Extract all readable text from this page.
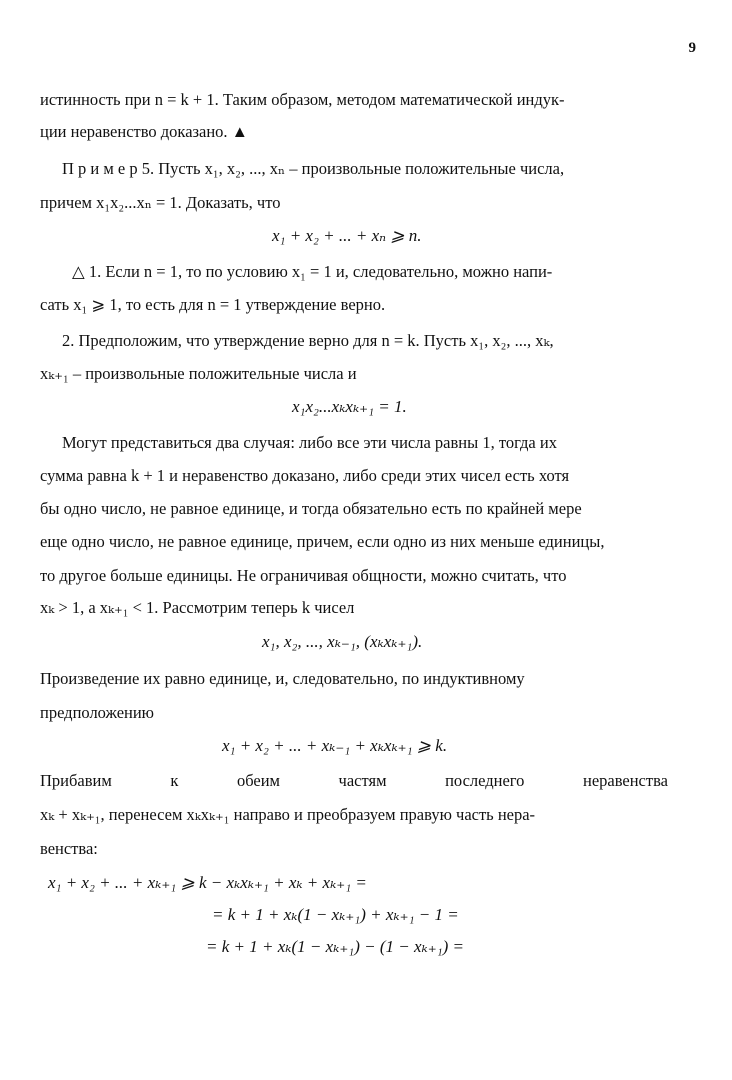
9
истинность при n = k + 1. Таким образом, методом математической индук-
ции неравенство доказано. ▲
П р и м е р 5. Пусть x₁, x₂, ..., xₙ – произвольные положительные числа,
причем x₁x₂...xₙ = 1. Доказать, что
x₁ + x₂ + ... + xₙ ⩾ n.
△ 1. Если n = 1, то по условию x₁ = 1 и, следовательно, можно напи-
сать x₁ ⩾ 1, то есть для n = 1 утверждение верно.
2. Предположим, что утверждение верно для n = k. Пусть x₁, x₂, ..., xₖ,
xₖ₊₁ – произвольные положительные числа и
x₁x₂...xₖxₖ₊₁ = 1.
Могут представиться два случая: либо все эти числа равны 1, тогда их
сумма равна k + 1 и неравенство доказано, либо среди этих чисел есть хотя
бы одно число, не равное единице, и тогда обязательно есть по крайней мере
еще одно число, не равное единице, причем, если одно из них меньше единицы,
то другое больше единицы. Не ограничивая общности, можно считать, что
xₖ > 1, а xₖ₊₁ < 1. Рассмотрим теперь k чисел
x₁, x₂, ..., xₖ₋₁, (xₖxₖ₊₁).
Произведение их равно единице, и, следовательно, по индуктивному
предположению
x₁ + x₂ + ... + xₖ₋₁ + xₖxₖ₊₁ ⩾ k.
Прибавим к обеим частям последнего неравенства
xₖ + xₖ₊₁, перенесем xₖxₖ₊₁ направо и преобразуем правую часть нера-
венства:
x₁ + x₂ + ... + xₖ₊₁ ⩾ k − xₖxₖ₊₁ + xₖ + xₖ₊₁ =
= k + 1 + xₖ(1 − xₖ₊₁) + xₖ₊₁ − 1 =
= k + 1 + xₖ(1 − xₖ₊₁) − (1 − xₖ₊₁) =
